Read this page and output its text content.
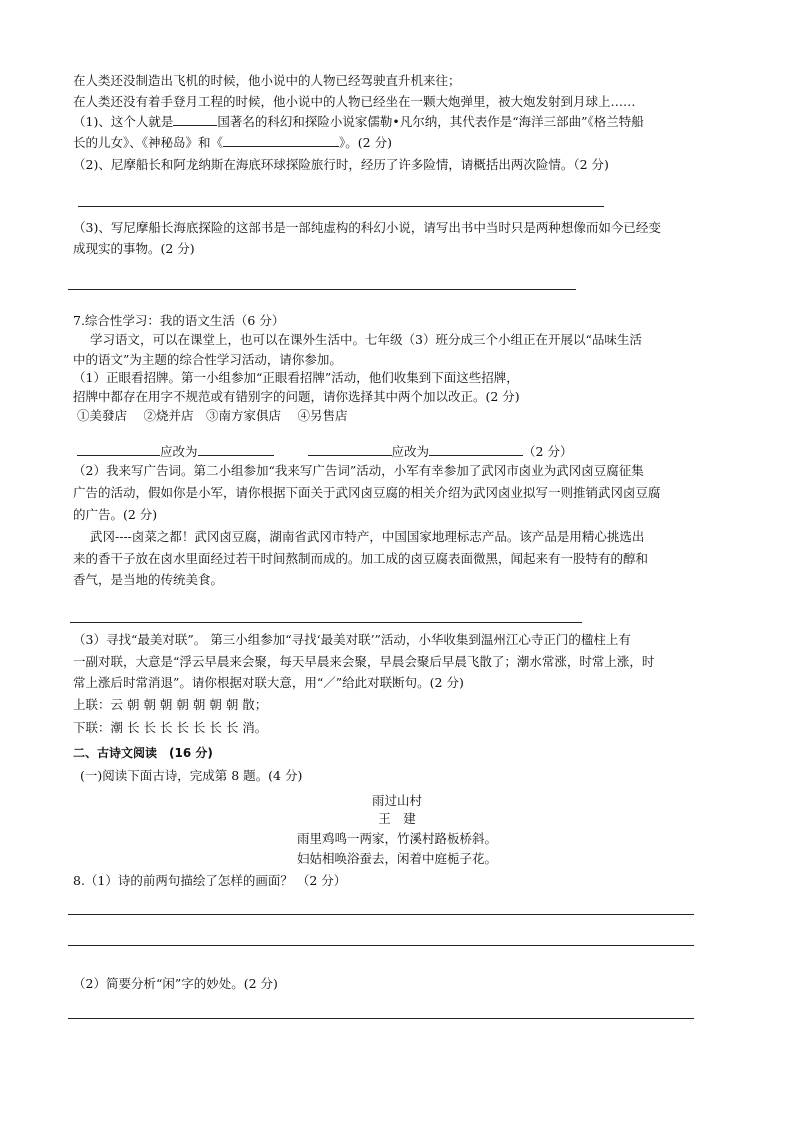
在人类还没制造出飞机的时候，他小说中的人物已经驾驶直升机来往；
在人类还没有着手登月工程的时候，他小说中的人物已经坐在一颗大炮弹里，被大炮发射到月球上……
（1)、这个人就是	国著名的科幻和探险小说家儒勒•凡尔纳，其代表作是“海洋三部曲”《格兰特船
长的儿女》、《神秘岛》和《	》。(2 分)
（2)、尼摩船长和阿龙纳斯在海底环球探险旅行时，经历了许多险情，请概括出两次险情。（2 分)
（3)、写尼摩船长海底探险的这部书是一部纯虚构的科幻小说，请写出书中当时只是两种想像而如今已经变
成现实的事物。(2 分)
7.综合性学习：我的语文生活（6 分）
学习语文，可以在课堂上，也可以在课外生活中。七年级（3）班分成三个小组正在开展以“品味生活
中的语文”为主题的综合性学习活动，请你参加。
（1）正眼看招牌。第一小组参加“正眼看招牌”活动，他们收集到下面这些招牌，
招牌中都存在用字不规范或有错别字的问题，请你选择其中两个加以改正。(2 分)
①美發店　 ②烧并店　③南方家俱店　 ④另售店
应改为	应改为	（2 分）
（2）我来写广告词。第二小组参加“我来写广告词”活动，小军有幸参加了武冈市卤业为武冈卤豆腐征集
广告的活动，假如你是小军，请你根据下面关于武冈卤豆腐的相关介绍为武冈卤业拟写一则推销武冈卤豆腐
的广告。(2 分)
武冈----卤菜之都！武冈卤豆腐，湖南省武冈市特产，中国国家地理标志产品。该产品是用精心挑选出
来的香干子放在卤水里面经过若干时间熬制而成的。加工成的卤豆腐表面微黑，闻起来有一股特有的醇和
香气，是当地的传统美食。
（3）寻找“最美对联”。 第三小组参加“寻找‘最美对联’”活动，小华收集到温州江心寺正门的楹柱上有
一副对联，大意是“浮云早晨来会聚，每天早晨来会聚，早晨会聚后早晨飞散了；潮水常涨，时常上涨，时
常上涨后时常消退”。请你根据对联大意，用“／”给此对联断句。(2 分)
上联：云 朝 朝 朝 朝 朝 朝 朝 散；
下联：潮 长 长 长 长 长 长 长 消。
二、古诗文阅读　(16 分)
(一)阅读下面古诗，完成第 8 题。(4 分)
雨过山村
王　建
雨里鸡鸣一两家，竹溪村路板桥斜。
妇姑相唤浴蚕去，闲着中庭栀子花。
8.（1）诗的前两句描绘了怎样的画面？ （2 分）
（2）简要分析“闲”字的妙处。(2 分)
